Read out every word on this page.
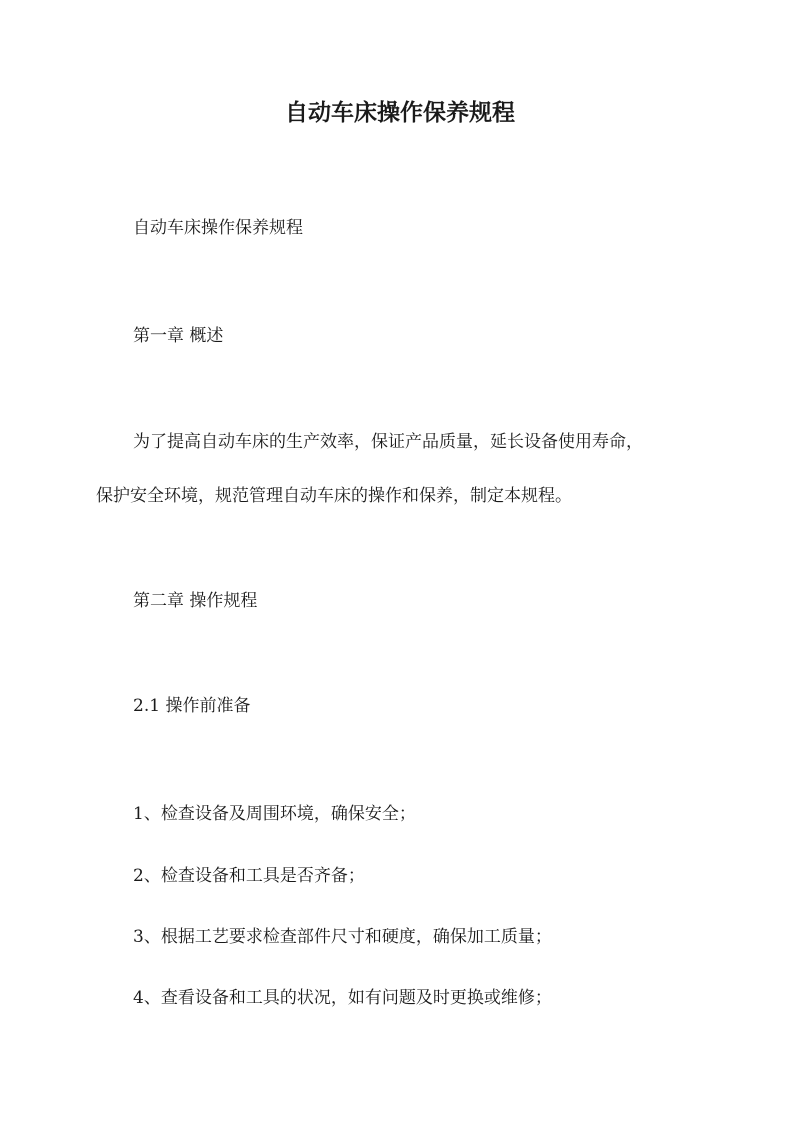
自动车床操作保养规程

自动车床操作保养规程

第一章 概述

为了提高自动车床的生产效率，保证产品质量，延长设备使用寿命，

保护安全环境，规范管理自动车床的操作和保养，制定本规程。

第二章 操作规程

2.1 操作前准备

1、检查设备及周围环境，确保安全；

2、检查设备和工具是否齐备；

3、根据工艺要求检查部件尺寸和硬度，确保加工质量；

4、查看设备和工具的状况，如有问题及时更换或维修；
